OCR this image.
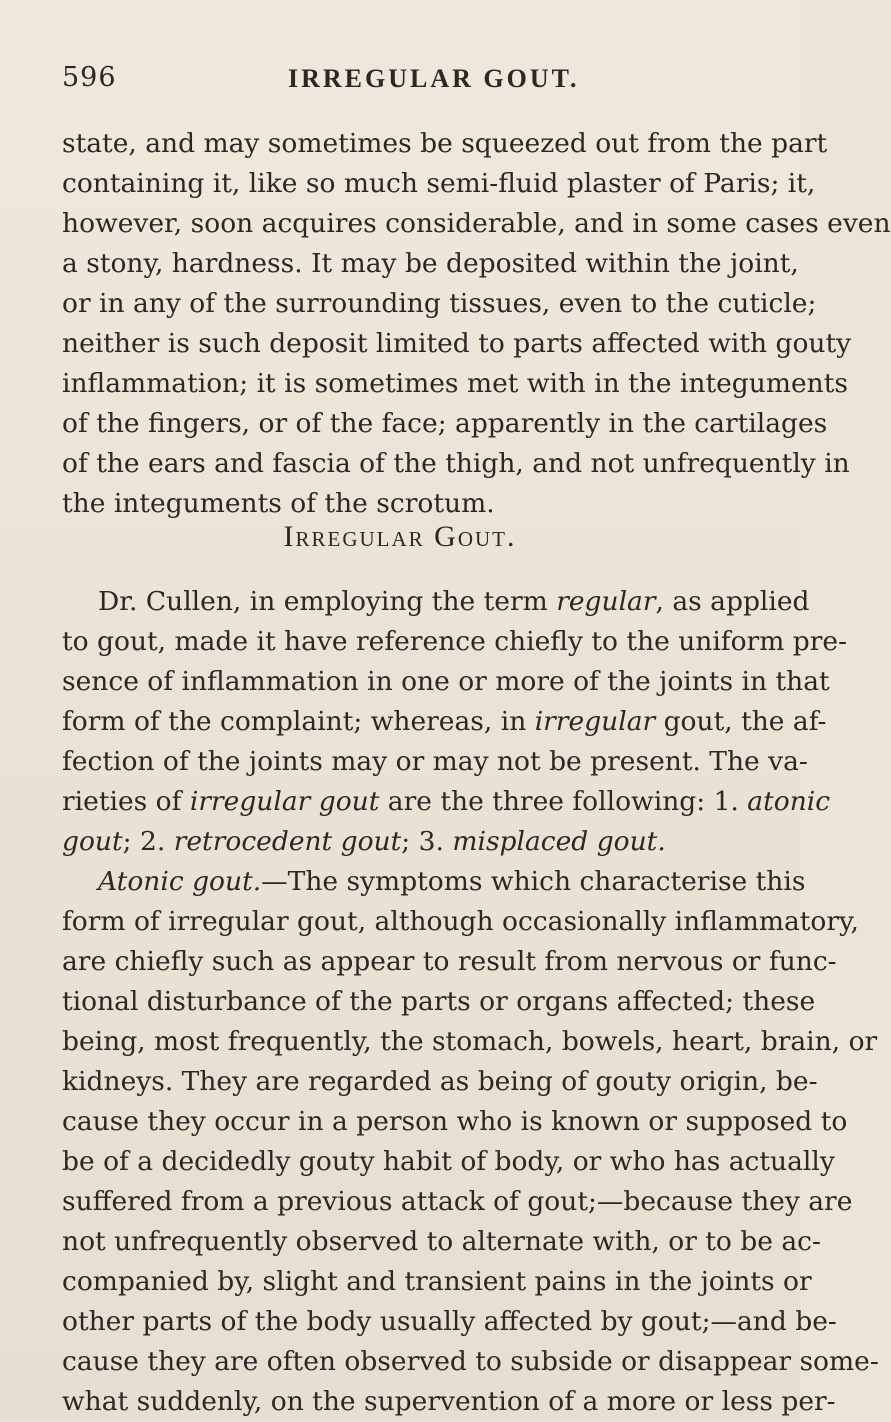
596	IRREGULAR GOUT.
state, and may sometimes be squeezed out from the part
containing it, like so much semi-fluid plaster of Paris; it,
however, soon acquires considerable, and in some cases even
a stony, hardness. It may be deposited within the joint,
or in any of the surrounding tissues, even to the cuticle;
neither is such deposit limited to parts affected with gouty
inflammation; it is sometimes met with in the integuments
of the fingers, or of the face; apparently in the cartilages
of the ears and fascia of the thigh, and not unfrequently in
the integuments of the scrotum.
Irregular Gout.
Dr. Cullen, in employing the term regular, as applied
to gout, made it have reference chiefly to the uniform pre-
sence of inflammation in one or more of the joints in that
form of the complaint; whereas, in irregular gout, the af-
fection of the joints may or may not be present. The va-
rieties of irregular gout are the three following: 1. atonic
gout; 2. retrocedent gout; 3. misplaced gout.
Atonic gout.—The symptoms which characterise this
form of irregular gout, although occasionally inflammatory,
are chiefly such as appear to result from nervous or func-
tional disturbance of the parts or organs affected; these
being, most frequently, the stomach, bowels, heart, brain, or
kidneys. They are regarded as being of gouty origin, be-
cause they occur in a person who is known or supposed to
be of a decidedly gouty habit of body, or who has actually
suffered from a previous attack of gout;—because they are
not unfrequently observed to alternate with, or to be ac-
companied by, slight and transient pains in the joints or
other parts of the body usually affected by gout;—and be-
cause they are often observed to subside or disappear some-
what suddenly, on the supervention of a more or less per-
